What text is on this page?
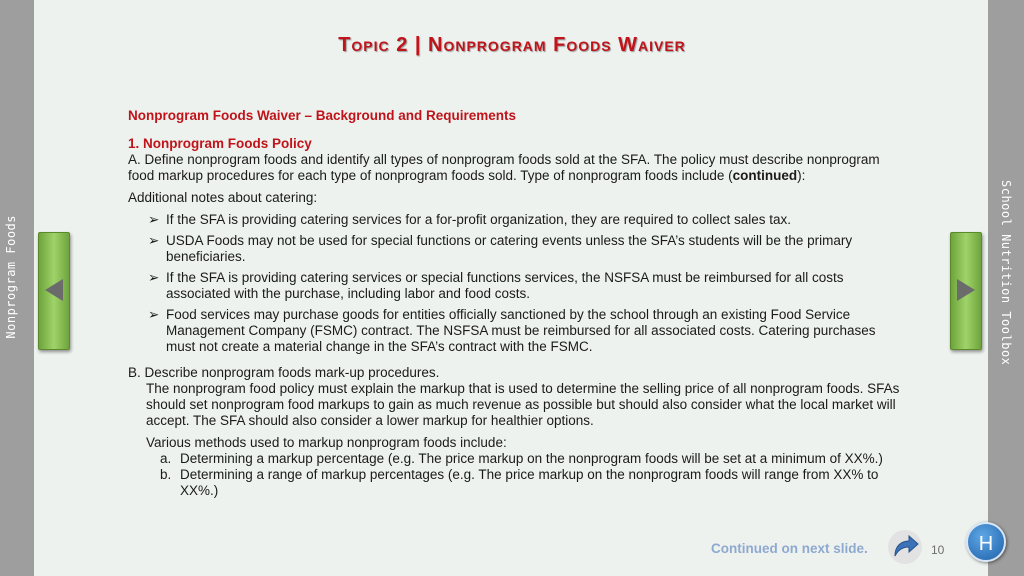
Nonprogram Foods	School Nutrition Toolbox
Topic 2 | Nonprogram Foods Waiver
Nonprogram Foods Waiver – Background and Requirements
1. Nonprogram Foods Policy
A. Define nonprogram foods and identify all types of nonprogram foods sold at the SFA. The policy must describe nonprogram food markup procedures for each type of nonprogram foods sold. Type of nonprogram foods include (continued):
Additional notes about catering:
➢ If the SFA is providing catering services for a for-profit organization, they are required to collect sales tax.
➢ USDA Foods may not be used for special functions or catering events unless the SFA’s students will be the primary beneficiaries.
➢ If the SFA is providing catering services or special functions services, the NSFSA must be reimbursed for all costs associated with the purchase, including labor and food costs.
➢ Food services may purchase goods for entities officially sanctioned by the school through an existing Food Service Management Company (FSMC) contract. The NSFSA must be reimbursed for all associated costs. Catering purchases must not create a material change in the SFA’s contract with the FSMC.
B. Describe nonprogram foods mark-up procedures.
The nonprogram food policy must explain the markup that is used to determine the selling price of all nonprogram foods. SFAs should set nonprogram food markups to gain as much revenue as possible but should also consider what the local market will accept. The SFA should also consider a lower markup for healthier options.
Various methods used to markup nonprogram foods include:
a. Determining a markup percentage (e.g. The price markup on the nonprogram foods will be set at a minimum of XX%.)
b. Determining a range of markup percentages (e.g. The price markup on the nonprogram foods will range from XX% to XX%.)
Continued on next slide.	10	H
